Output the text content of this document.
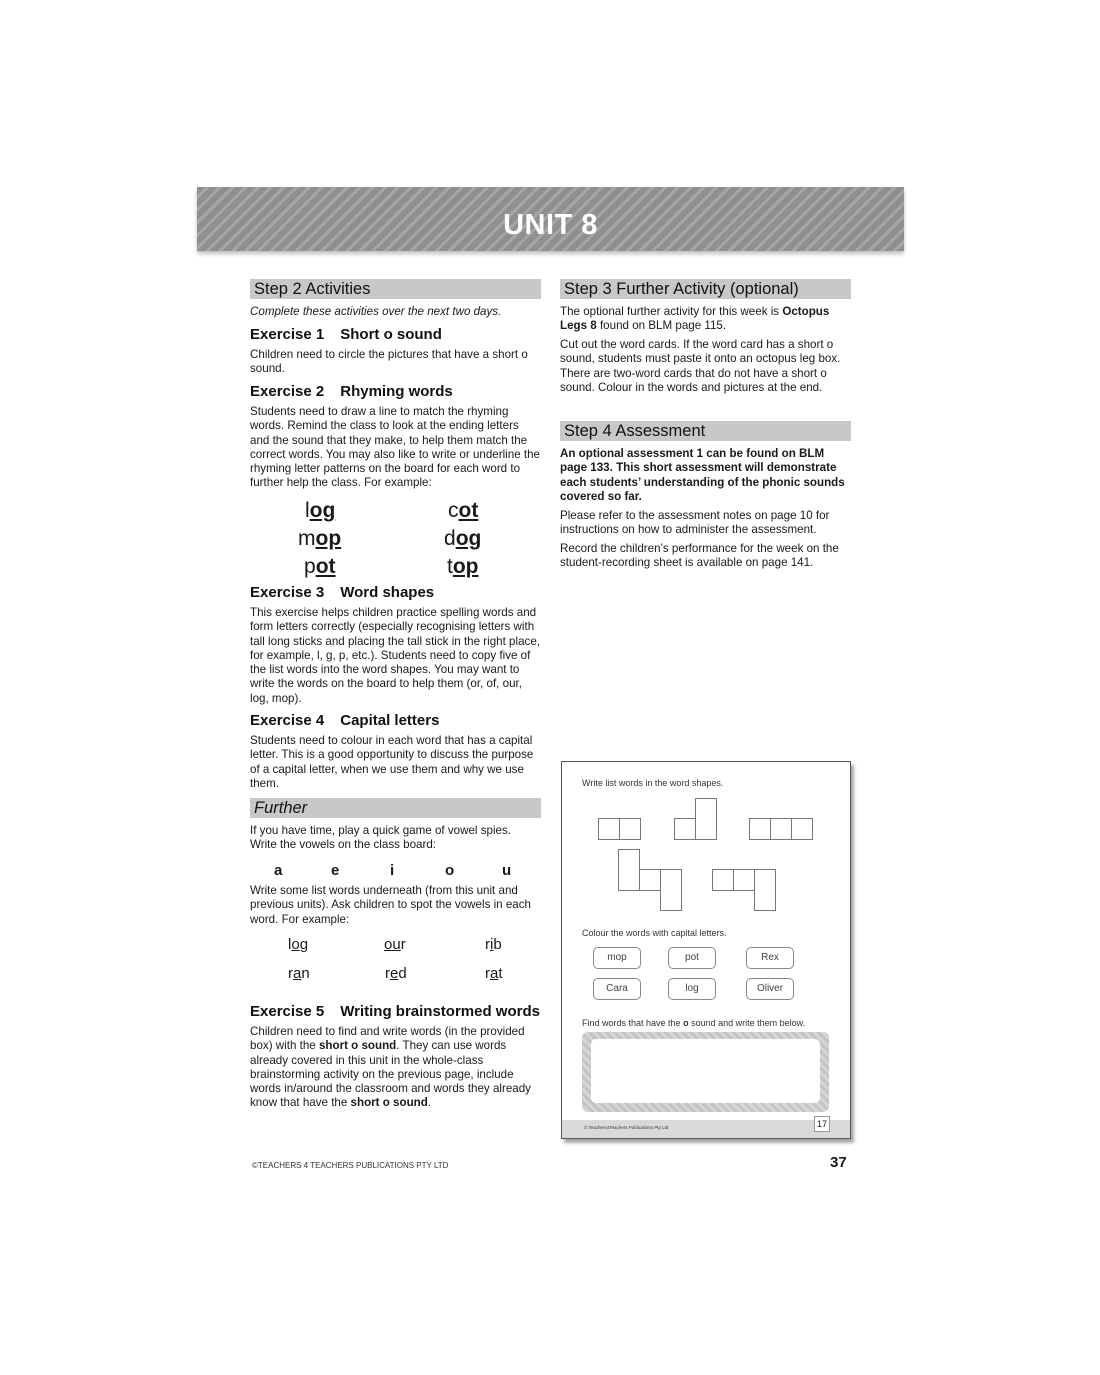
UNIT 8
Step 2 Activities
Complete these activities over the next two days.
Exercise 1 Short o sound
Children need to circle the pictures that have a short o sound.
Exercise 2 Rhyming words
Students need to draw a line to match the rhyming words. Remind the class to look at the ending letters and the sound that they make, to help them match the correct words. You may also like to write or underline the rhyming letter patterns on the board for each word to further help the class. For example:
log	cot
mop	dog
pot	top
Exercise 3 Word shapes
This exercise helps children practice spelling words and form letters correctly (especially recognising letters with tall long sticks and placing the tall stick in the right place, for example, l, g, p, etc.). Students need to copy five of the list words into the word shapes. You may want to write the words on the board to help them (or, of, our, log, mop).
Exercise 4 Capital letters
Students need to colour in each word that has a capital letter. This is a good opportunity to discuss the purpose of a capital letter, when we use them and why we use them.
Further
If you have time, play a quick game of vowel spies. Write the vowels on the class board:
a	e	i	o	u
Write some list words underneath (from this unit and previous units). Ask children to spot the vowels in each word. For example:
log	our	rib
ran	red	rat
Exercise 5 Writing brainstormed words
Children need to find and write words (in the provided box) with the short o sound. They can use words already covered in this unit in the whole-class brainstorming activity on the previous page, include words in/around the classroom and words they already know that have the short o sound.
Step 3 Further Activity (optional)
The optional further activity for this week is Octopus Legs 8 found on BLM page 115.
Cut out the word cards. If the word card has a short o sound, students must paste it onto an octopus leg box. There are two-word cards that do not have a short o sound. Colour in the words and pictures at the end.
Step 4 Assessment
An optional assessment 1 can be found on BLM page 133. This short assessment will demonstrate each students’ understanding of the phonic sounds covered so far.
Please refer to the assessment notes on page 10 for instructions on how to administer the assessment.
Record the children’s performance for the week on the student-recording sheet is available on page 141.
Write list words in the word shapes.
Colour the words with capital letters.
mop	pot	Rex
Cara	log	Oliver
Find words that have the o sound and write them below.
© Teachers4Teachers Publications Pty Ltd	17
©TEACHERS 4 TEACHERS PUBLICATIONS PTY LTD	37
